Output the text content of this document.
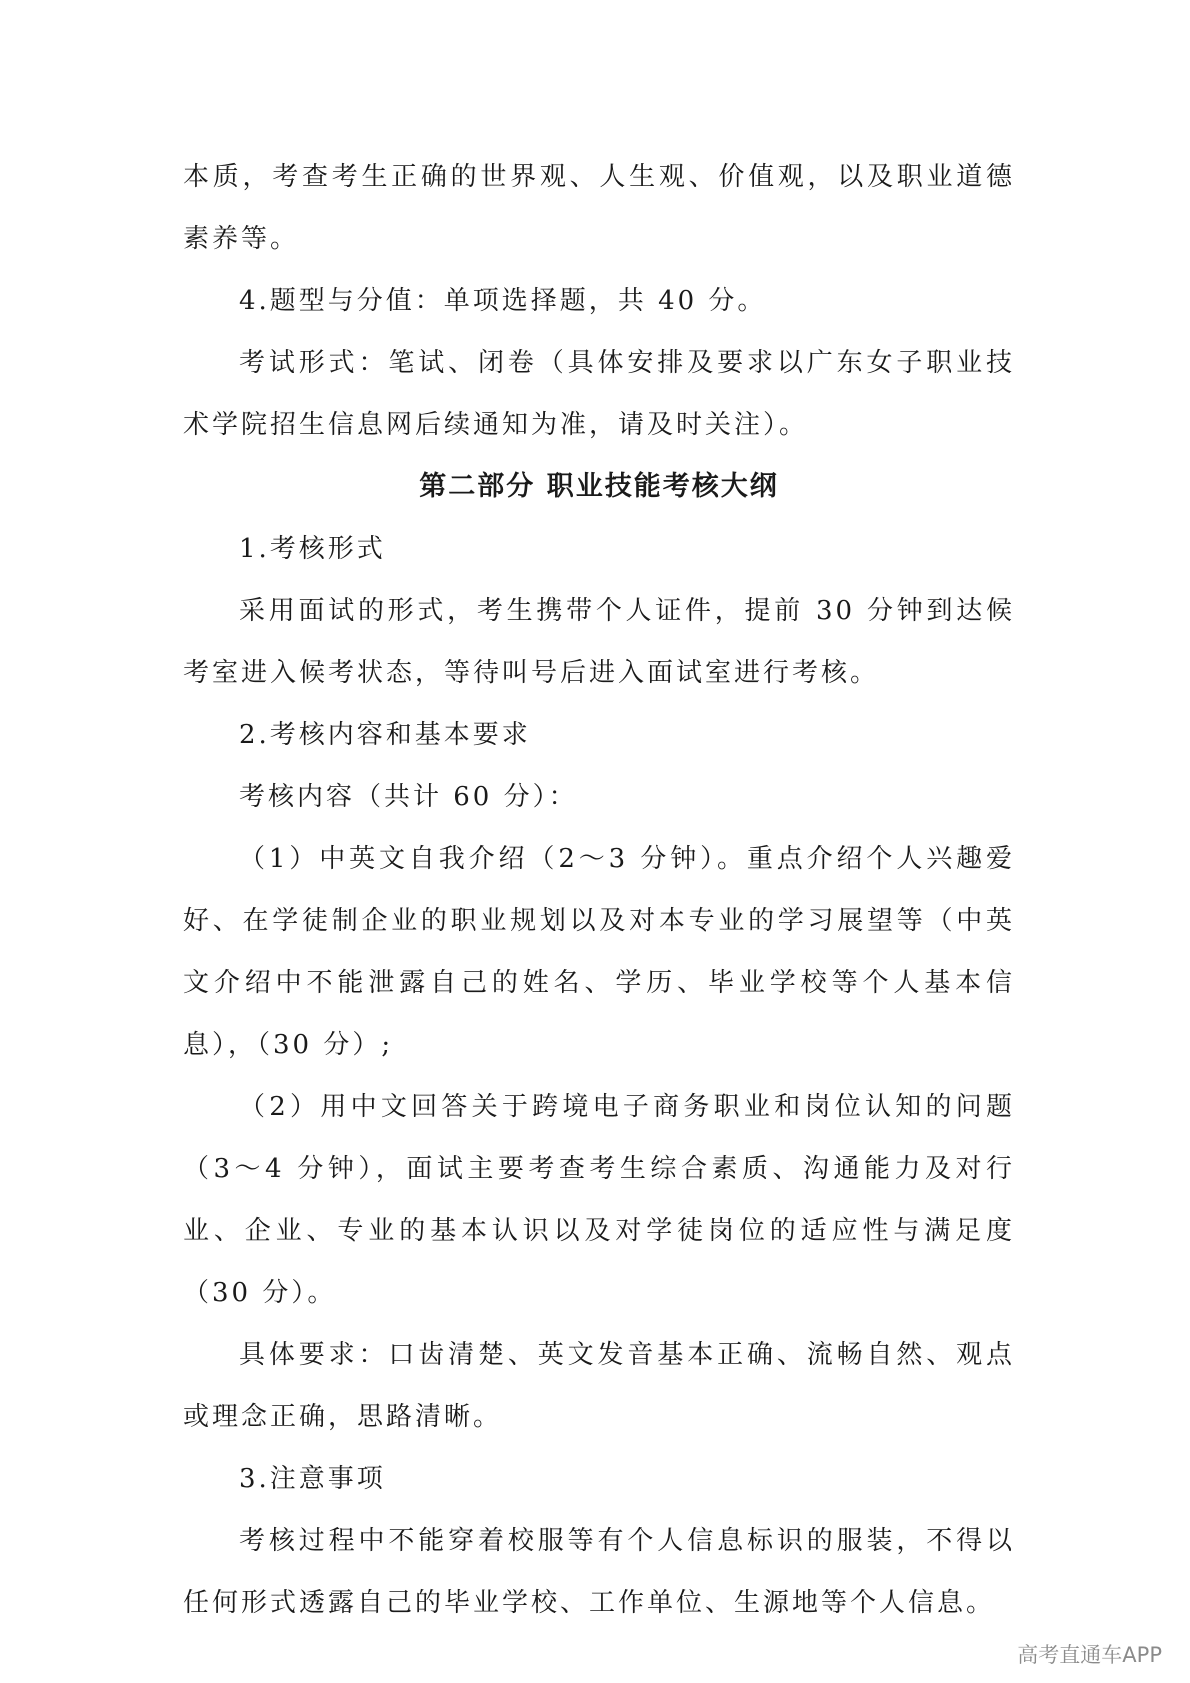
本质，考查考生正确的世界观、人生观、价值观，以及职业道德素养等。

4.题型与分值：单项选择题，共 40 分。

考试形式：笔试、闭卷（具体安排及要求以广东女子职业技术学院招生信息网后续通知为准，请及时关注）。

第二部分 职业技能考核大纲

1.考核形式

采用面试的形式，考生携带个人证件，提前 30 分钟到达候考室进入候考状态，等待叫号后进入面试室进行考核。

2.考核内容和基本要求

考核内容（共计 60 分）：

（1）中英文自我介绍（2～3 分钟）。重点介绍个人兴趣爱好、在学徒制企业的职业规划以及对本专业的学习展望等（中英文介绍中不能泄露自己的姓名、学历、毕业学校等个人基本信息），（30 分）;

（2）用中文回答关于跨境电子商务职业和岗位认知的问题（3～4 分钟），面试主要考查考生综合素质、沟通能力及对行业、企业、专业的基本认识以及对学徒岗位的适应性与满足度（30 分）。

具体要求：口齿清楚、英文发音基本正确、流畅自然、观点或理念正确，思路清晰。

3.注意事项

考核过程中不能穿着校服等有个人信息标识的服装，不得以任何形式透露自己的毕业学校、工作单位、生源地等个人信息。

高考直通车APP
